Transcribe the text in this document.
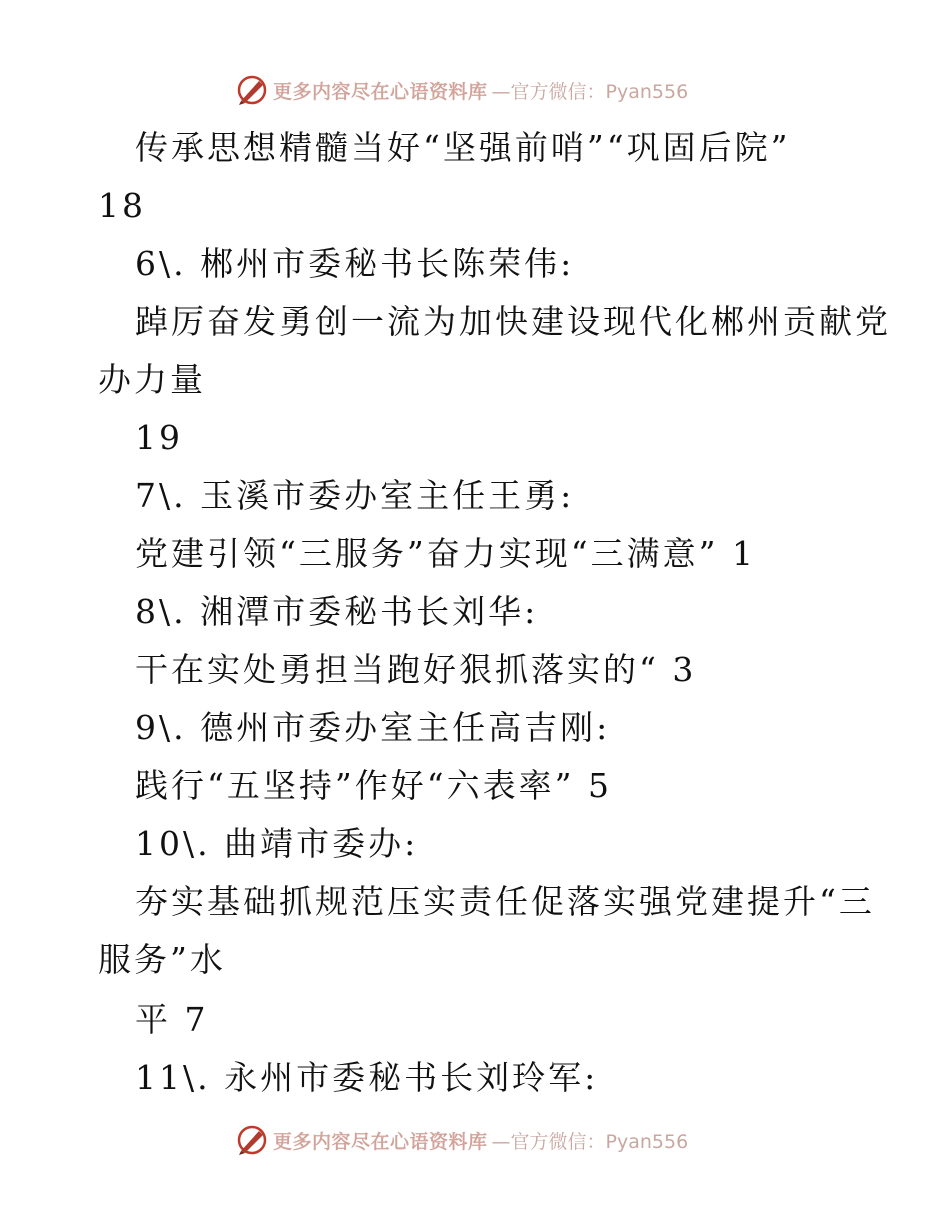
更多内容尽在心语资料库 —官方微信：Pyan556
传承思想精髓当好“坚强前哨”“巩固后院”
18
6\. 郴州市委秘书长陈荣伟:
踔厉奋发勇创一流为加快建设现代化郴州贡献党
办力量
19
7\. 玉溪市委办室主任王勇:
党建引领“三服务”奋力实现“三满意” 1
8\. 湘潭市委秘书长刘华:
干在实处勇担当跑好狠抓落实的“ 3
9\. 德州市委办室主任高吉刚:
践行“五坚持”作好“六表率” 5
10\. 曲靖市委办:
夯实基础抓规范压实责任促落实强党建提升“三
服务”水
平 7
11\. 永州市委秘书长刘玲军:
更多内容尽在心语资料库 —官方微信：Pyan556
